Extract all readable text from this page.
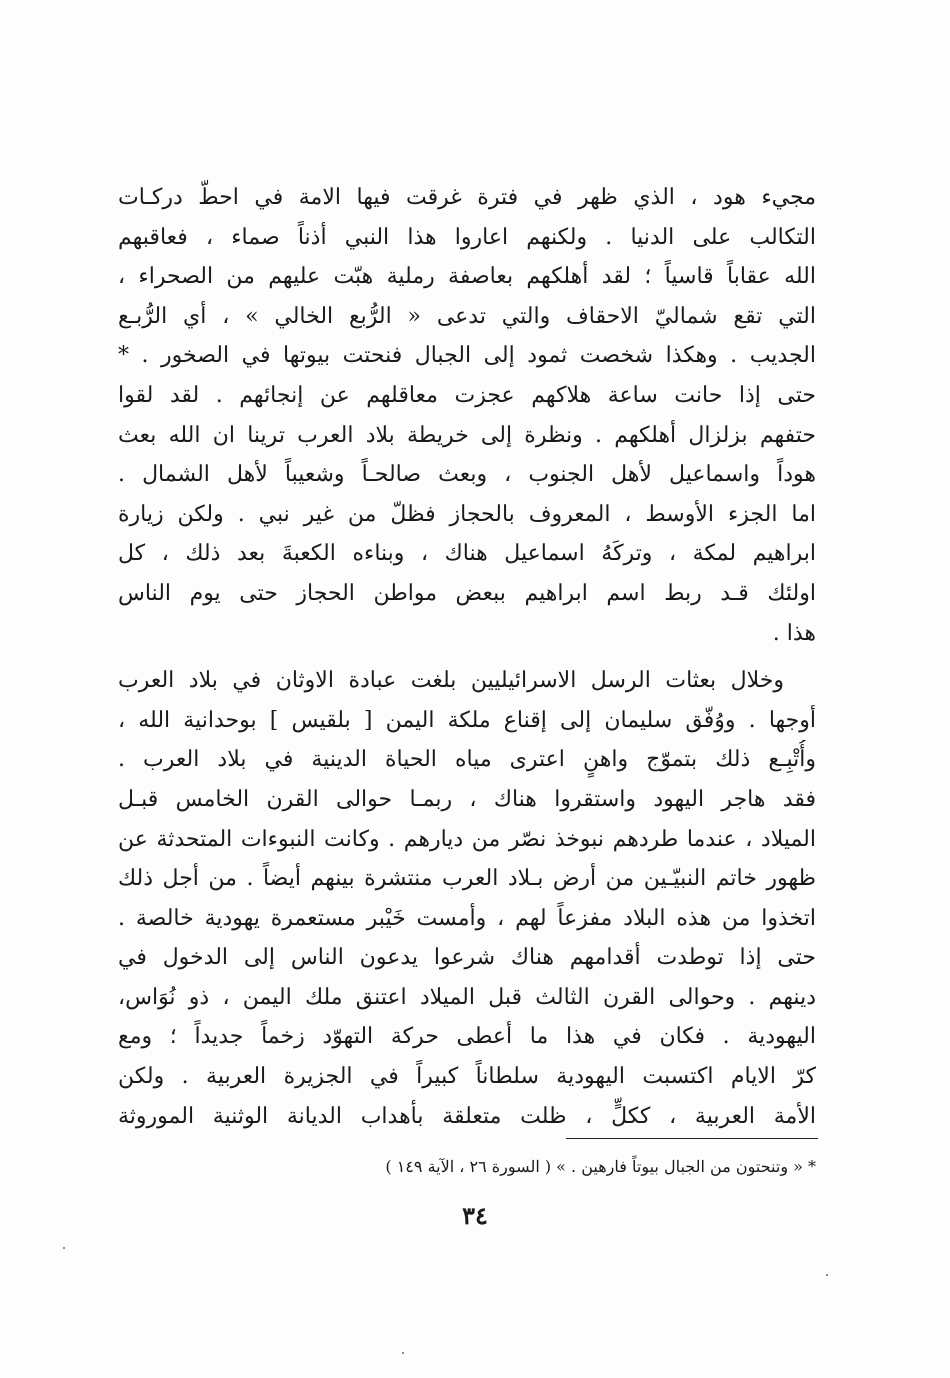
مجيء هود ، الذي ظهر في فترة غرقت فيها الامة في احطّ دركـات
التكالب على الدنيا . ولكنهم اعاروا هذا النبي أذناً صماء ، فعاقبهم
الله عقاباً قاسياً ؛ لقد أهلكهم بعاصفة رملية هبّت عليهم من الصحراء ،
التي تقع شماليّ الاحقاف والتي تدعى « الرُّبع الخالي » ، أي الرُّبـع
الجديب . وهكذا شخصت ثمود إلى الجبال فنحتت بيوتها في الصخور . *
حتى إذا حانت ساعة هلاكهم عجزت معاقلهم عن إنجائهم . لقد لقوا
حتفهم بزلزال أهلكهم . ونظرة إلى خريطة بلاد العرب ترينا ان الله بعث
هوداً واسماعيل لأهل الجنوب ، وبعث صالحـاً وشعيباً لأهل الشمال .
اما الجزء الأوسط ، المعروف بالحجاز فظلّ من غير نبي . ولكن زيارة
ابراهيم لمكة ، وتركَهُ اسماعيل هناك ، وبناءه الكعبةَ بعد ذلك ، كل
اولئك قـد ربط اسم ابراهيم ببعض مواطن الحجاز حتى يوم الناس
هذا .
وخلال بعثات الرسل الاسرائيليين بلغت عبادة الاوثان في بلاد العرب
أوجها . ووُفّق سليمان إلى إقناع ملكة اليمن [ بلقيس ] بوحدانية الله ،
وأُتْبِـع ذلك بتموّج واهنٍ اعترى مياه الحياة الدينية في بلاد العرب .
فقد هاجر اليهود واستقروا هناك ، ربمـا حوالى القرن الخامس قبـل
الميلاد ، عندما طردهم نبوخذ نصّر من ديارهم . وكانت النبوءات المتحدثة عن
ظهور خاتم النبيّـين من أرض بـلاد العرب منتشرة بينهم أيضاً . من أجل ذلك
اتخذوا من هذه البلاد مفزعاً لهم ، وأمست خَيْبر مستعمرة يهودية خالصة .
حتى إذا توطدت أقدامهم هناك شرعوا يدعون الناس إلى الدخول في
دينهم . وحوالى القرن الثالث قبل الميلاد اعتنق ملك اليمن ، ذو نُوَاس،
اليهودية . فكان في هذا ما أعطى حركة التهوّد زخماً جديداً ؛ ومع
كرّ الايام اكتسبت اليهودية سلطاناً كبيراً في الجزيرة العربية . ولكن
الأمة العربية ، ككلٍّ ، ظلت متعلقة بأهداب الديانة الوثنية الموروثة
* « وتنحتون من الجبال بيوتاً فارهين . » ( السورة ٢٦ ، الآية ١٤٩ )
٣٤
